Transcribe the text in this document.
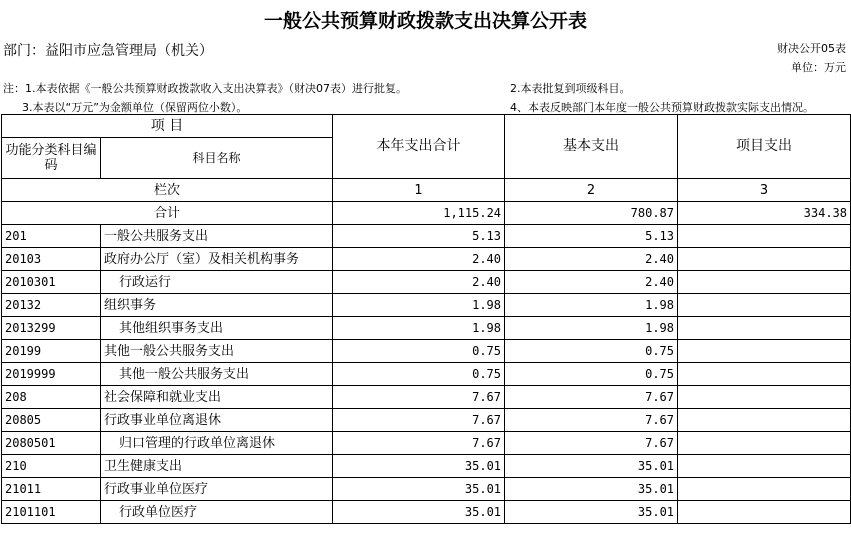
一般公共预算财政拨款支出决算公开表
部门：益阳市应急管理局（机关）	财决公开05表
单位：万元
注：1.本表依据《一般公共预算财政拨款收入支出决算表》（财决07表）进行批复。	2.本表批复到项级科目。
3.本表以“万元”为金额单位（保留两位小数）。	4、本表反映部门本年度一般公共预算财政拨款实际支出情况。
项 目		本年支出合计	基本支出	项目支出
功能分类科目编码	科目名称			
栏次		1	2	3
合计		1,115.24	780.87	334.38
201	一般公共服务支出	5.13	5.13	
20103	政府办公厅（室）及相关机构事务	2.40	2.40	
2010301	行政运行	2.40	2.40	
20132	组织事务	1.98	1.98	
2013299	其他组织事务支出	1.98	1.98	
20199	其他一般公共服务支出	0.75	0.75	
2019999	其他一般公共服务支出	0.75	0.75	
208	社会保障和就业支出	7.67	7.67	
20805	行政事业单位离退休	7.67	7.67	
2080501	归口管理的行政单位离退休	7.67	7.67	
210	卫生健康支出	35.01	35.01	
21011	行政事业单位医疗	35.01	35.01	
2101101	行政单位医疗	35.01	35.01	
